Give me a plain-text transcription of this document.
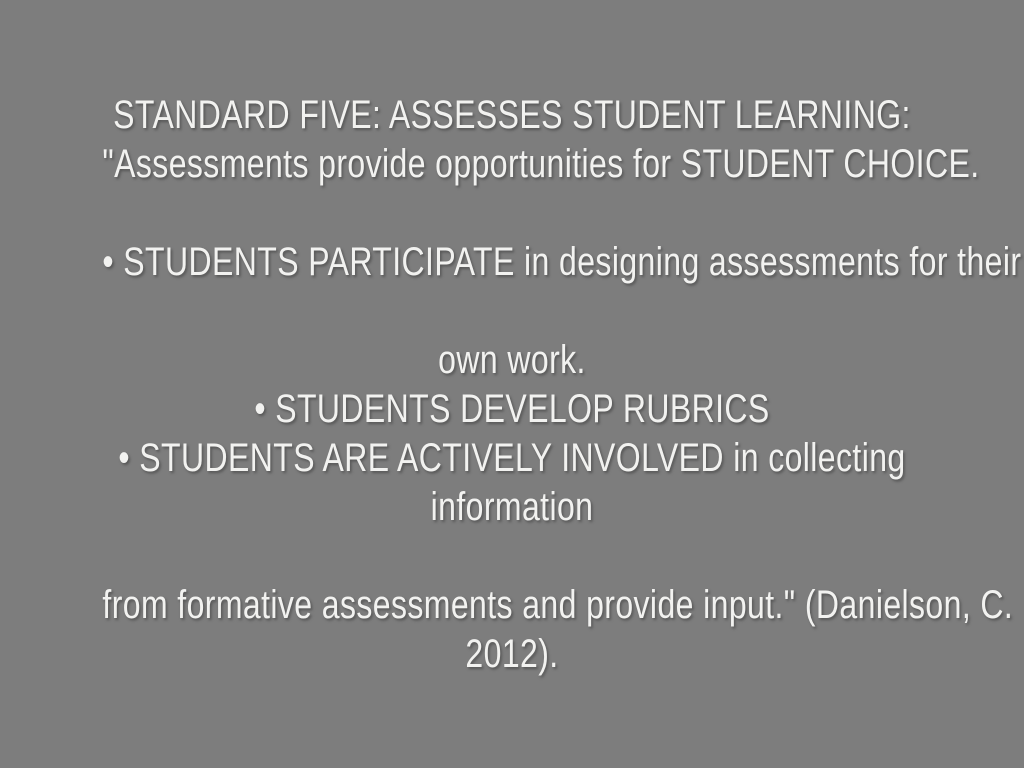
STANDARD FIVE: ASSESSES STUDENT LEARNING:
"Assessments provide opportunities for STUDENT CHOICE.
• STUDENTS PARTICIPATE in designing assessments for their
own work.
• STUDENTS DEVELOP RUBRICS
• STUDENTS ARE ACTIVELY INVOLVED in collecting
information
from formative assessments and provide input." (Danielson, C.
2012).
